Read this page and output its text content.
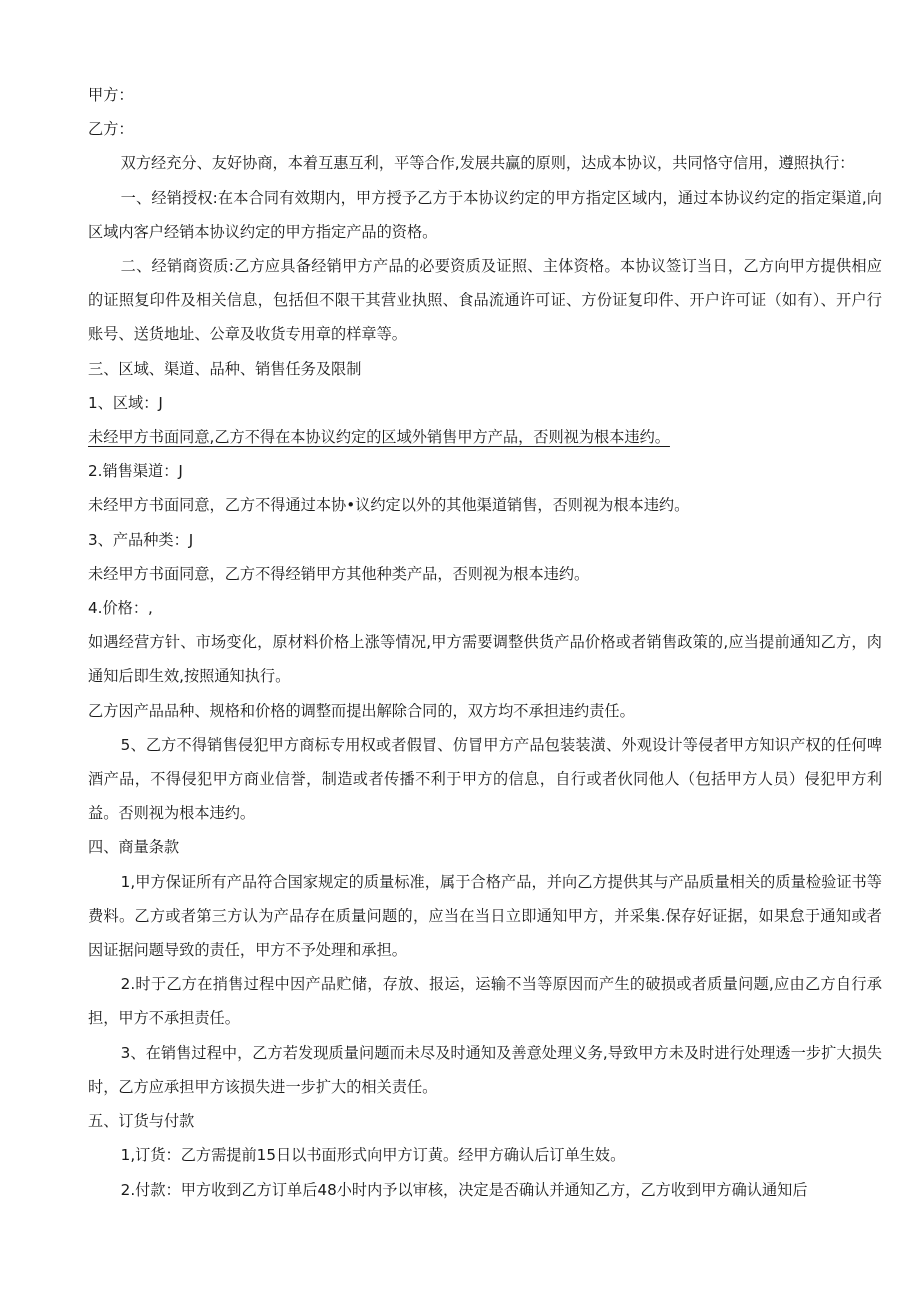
甲方：

乙方：

双方经充分、友好协商，本着互惠互利，平等合作,发展共赢的原则，达成本协议，共同恪守信用，遵照执行：

一、经销授权:在本合同有效期内，甲方授予乙方于本协议约定的甲方指定区域内，通过本协议约定的指定渠道,向区域内客户经销本协议约定的甲方指定产品的资格。

二、经销商资质:乙方应具备经销甲方产品的必要资质及证照、主体资格。本协议签订当日，乙方向甲方提供相应的证照复印件及相关信息，包括但不限干其营业执照、食品流通许可证、方份证复印件、开户许可证（如有）、开户行账号、送货地址、公章及收货专用章的样章等。

三、区域、渠道、品种、销售任务及限制

1、区域：J

未经甲方书面同意,乙方不得在本协议约定的区域外销售甲方产品，否则视为根本违约。

2.销售渠道：J

未经甲方书面同意，乙方不得通过本协•议约定以外的其他渠道销售，否则视为根本违约。

3、产品种类：J

未经甲方书面同意，乙方不得经销甲方其他种类产品，否则视为根本违约。

4.价格：,

如遇经营方针、市场变化，原材料价格上涨等情况,甲方需要调整供货产品价格或者销售政策的,应当提前通知乙方，肉通知后即生效,按照通知执行。

乙方因产品品种、规格和价格的调整而提出解除合同的，双方均不承担违约责任。

5、乙方不得销售侵犯甲方商标专用权或者假冒、仿冒甲方产品包装装潢、外观设计等侵者甲方知识产权的任何啤酒产品，不得侵犯甲方商业信誉，制造或者传播不利于甲方的信息，自行或者伙同他人（包括甲方人员）侵犯甲方利益。否则视为根本违约。

四、商量条款

1,甲方保证所有产品符合国家规定的质量标准，属于合格产品，并向乙方提供其与产品质量相关的质量检验证书等费料。乙方或者第三方认为产品存在质量问题的，应当在当日立即通知甲方，并采集.保存好证据，如果怠于通知或者因证据问题导致的责任，甲方不予处理和承担。

2.时于乙方在捎售过程中因产品贮储，存放、报运，运输不当等原因而产生的破损或者质量问题,应由乙方自行承担，甲方不承担责任。

3、在销售过程中，乙方若发现质量问题而未尽及时通知及善意处理义务,导致甲方未及时进行处理透一步扩大损失时，乙方应承担甲方该损失进一步扩大的相关责任。

五、订货与付款

1,订货：乙方需提前15日以书面形式向甲方订黄。经甲方确认后订单生妓。

2.付款：甲方收到乙方订单后48小时内予以审核，决定是否确认并通知乙方，乙方收到甲方确认通知后
